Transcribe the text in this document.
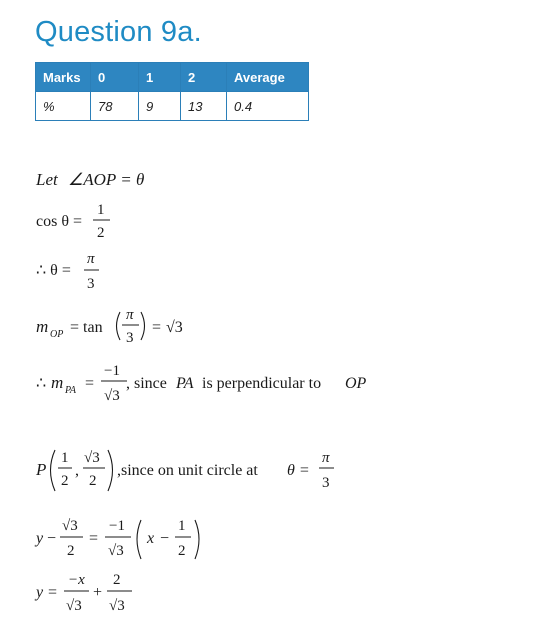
Question 9a.
Marks	0	1	2	Average
%	78	9	13	0.4
Let ∠AOP = θ
cos θ =
1
2
∴ θ =
π
3
m OP = tan
π
3
= √3
∴ m PA =
−1
√3
, since PA is perpendicular to OP
P
1
2
,
√3
2
,since on unit circle at θ =
π
3
y −
√3
2
=
−1
√3
x −
1
2
y =
−x
√3
+
2
√3
